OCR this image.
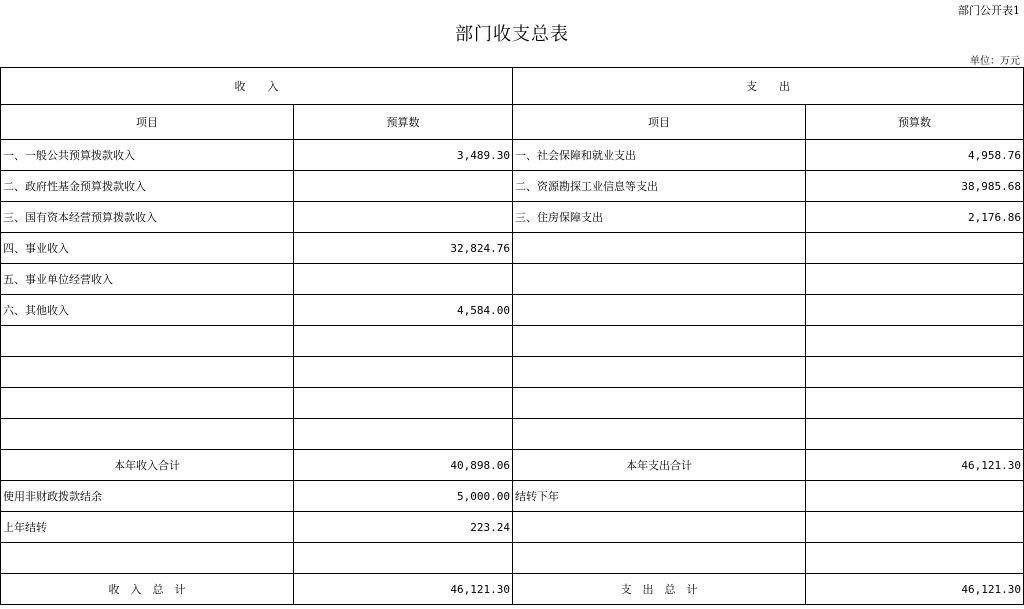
部门公开表1
部门收支总表
单位：万元
收　　入		支　　出	
项目	预算数	项目	预算数
一、一般公共预算拨款收入	3,489.30	一、社会保障和就业支出	4,958.76
二、政府性基金预算拨款收入		二、资源勘探工业信息等支出	38,985.68
三、国有资本经营预算拨款收入		三、住房保障支出	2,176.86
四、事业收入	32,824.76		
五、事业单位经营收入			
六、其他收入	4,584.00		

本年收入合计	40,898.06	本年支出合计	46,121.30
使用非财政拨款结余	5,000.00	结转下年	
上年结转	223.24		

收　入　总　计	46,121.30	支　出　总　计	46,121.30
